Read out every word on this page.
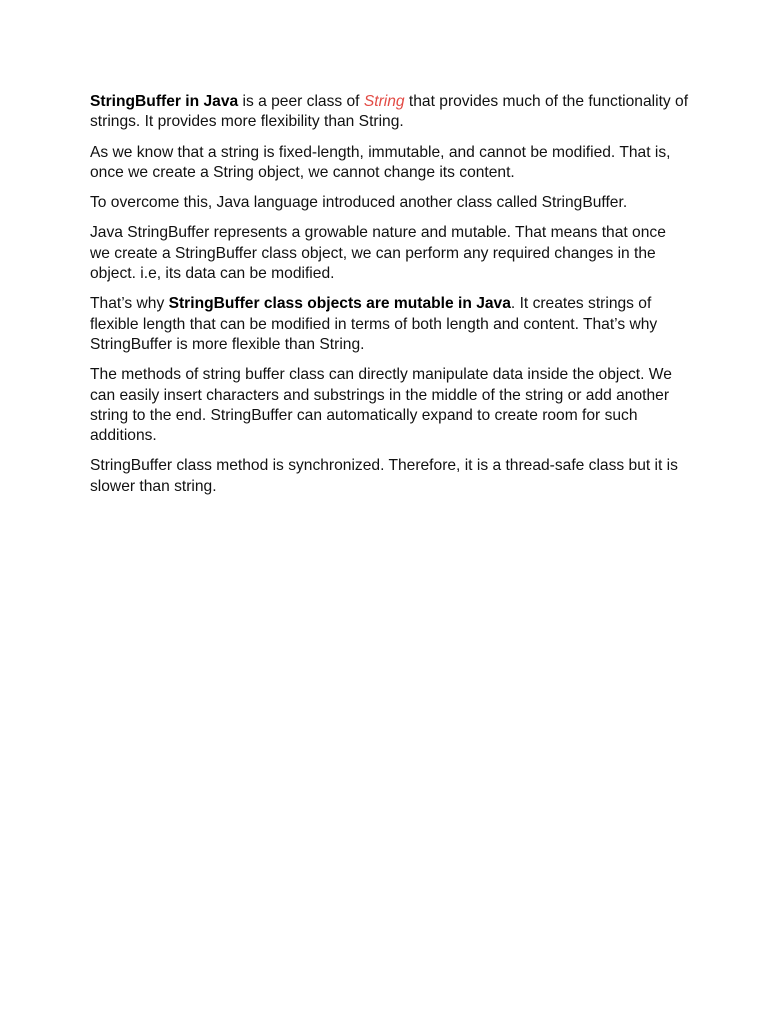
StringBuffer in Java is a peer class of String that provides much of the functionality of strings. It provides more flexibility than String.

As we know that a string is fixed-length, immutable, and cannot be modified. That is, once we create a String object, we cannot change its content.

To overcome this, Java language introduced another class called StringBuffer.

Java StringBuffer represents a growable nature and mutable. That means that once we create a StringBuffer class object, we can perform any required changes in the object. i.e, its data can be modified.

That’s why StringBuffer class objects are mutable in Java. It creates strings of flexible length that can be modified in terms of both length and content. That’s why StringBuffer is more flexible than String.

The methods of string buffer class can directly manipulate data inside the object. We can easily insert characters and substrings in the middle of the string or add another string to the end. StringBuffer can automatically expand to create room for such additions.

StringBuffer class method is synchronized. Therefore, it is a thread-safe class but it is slower than string.
